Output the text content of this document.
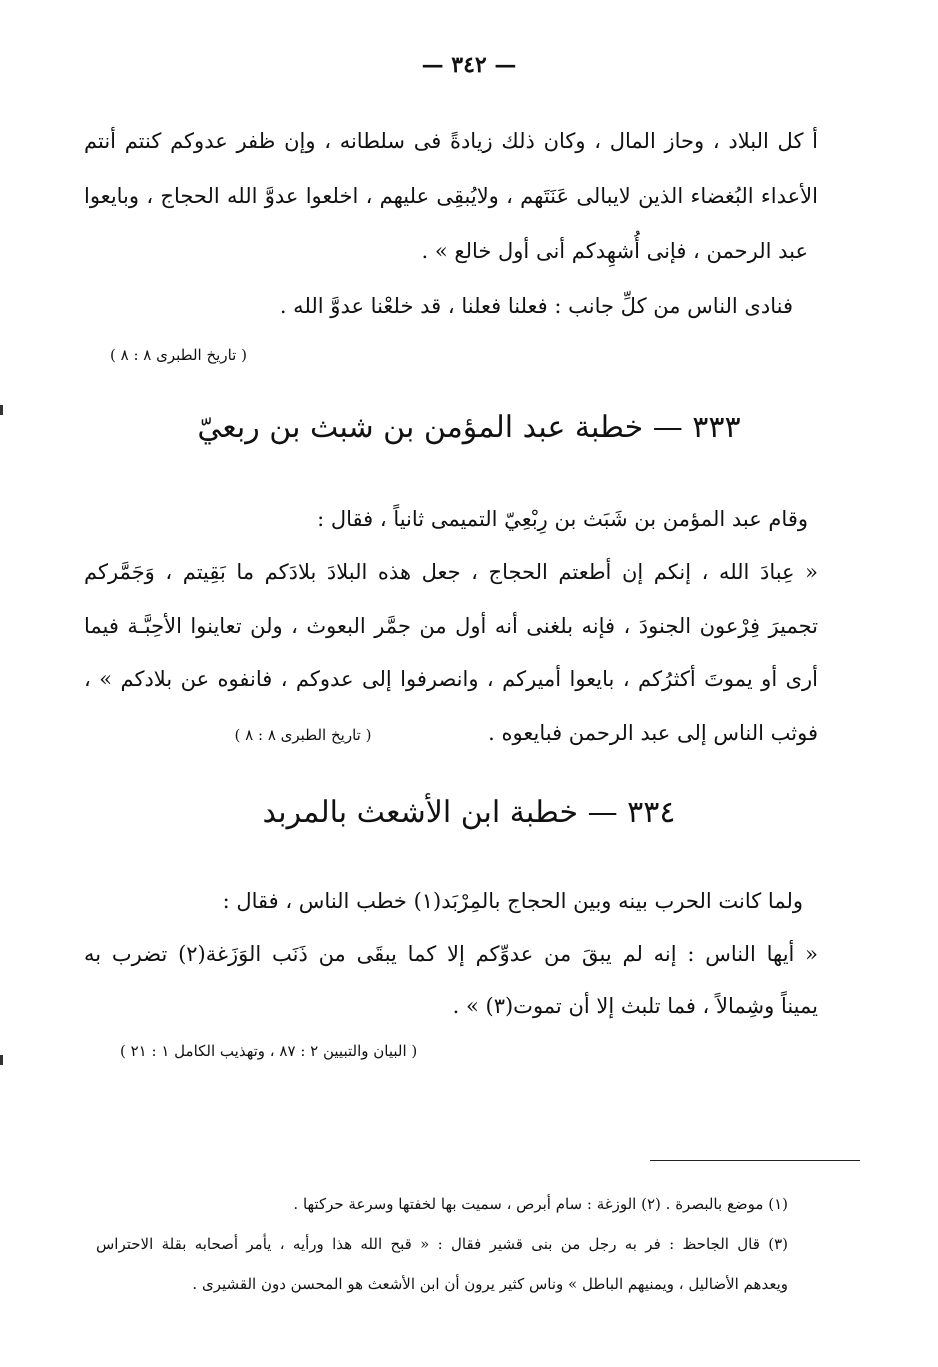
— ٣٤٢ —
أ كل البلاد ، وحاز المال ، وكان ذلك زيادةً فى سلطانه ، وإن ظفر عدوكم كنتم أنتم
الأعداء البُغضاء الذين لايبالى عَنَتَهم ، ولايُبقِى عليهم ، اخلعوا عدوَّ الله الحجاج ، وبايعوا
عبد الرحمن ، فإنى أُشهِدكم أنى أول خالع » .
فنادى الناس من كلِّ جانب : فعلنا فعلنا ، قد خلعْنا عدوَّ الله .
( تاريخ الطبرى ٨ : ٨ )
٣٣٣ — خطبة عبد المؤمن بن شبث بن ربعيّ
وقام عبد المؤمن بن شَبَث بن رِبْعِيّ التميمى ثانياً ، فقال :
« عِبادَ الله ، إنكم إن أطعتم الحجاج ، جعل هذه البلادَ بلادَكم ما بَقِيتم ، وَجَمَّركم
تجميرَ فِرْعون الجنودَ ، فإنه بلغنى أنه أول من جمَّر البعوث ، ولن تعاينوا الأحِبَّـة فيما
أرى أو يموتَ أكثرُكم ، بايعوا أميركم ، وانصرفوا إلى عدوكم ، فانفوه عن بلادكم » ،
فوثب الناس إلى عبد الرحمن فبايعوه . ( تاريخ الطبرى ٨ : ٨ )
٣٣٤ — خطبة ابن الأشعث بالمربد
ولما كانت الحرب بينه وبين الحجاج بالمِرْبَد(١) خطب الناس ، فقال :
« أيها الناس : إنه لم يبقَ من عدوِّكم إلا كما يبقَى من ذَنَب الوَزَغة(٢) تضرب به
يميناً وشِمالاً ، فما تلبث إلا أن تموت(٣) » .
( البيان والتبيين ٢ : ٨٧ ، وتهذيب الكامل ١ : ٢١ )
(١) موضع بالبصرة . (٢) الوزغة : سام أبرص ، سميت بها لخفتها وسرعة حركتها .
(٣) قال الجاحظ : فر به رجل من بنى قشير فقال : « قبح الله هذا ورأيه ، يأمر أصحابه بقلة الاحتراس
ويعدهم الأضاليل ، ويمنيهم الباطل » وناس كثير يرون أن ابن الأشعث هو المحسن دون القشيرى .
